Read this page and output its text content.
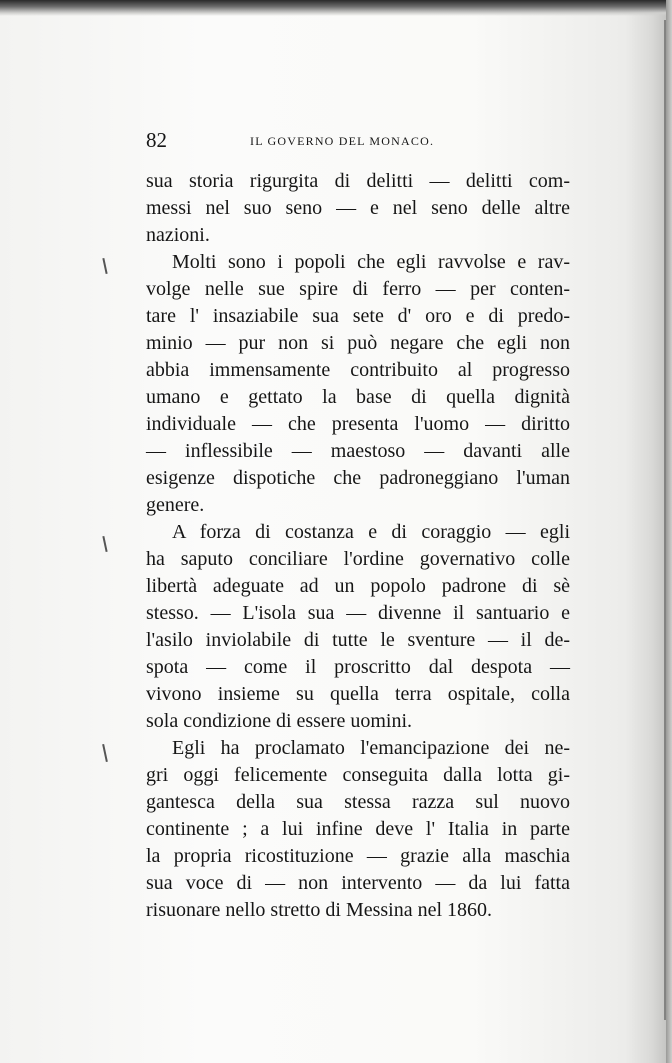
82	IL GOVERNO DEL MONACO.
sua storia rigurgita di delitti — delitti com-
messi nel suo seno — e nel seno delle altre
nazioni.
Molti sono i popoli che egli ravvolse e rav-
volge nelle sue spire di ferro — per conten-
tare l' insaziabile sua sete d' oro e di predo-
minio — pur non si può negare che egli non
abbia immensamente contribuito al progresso
umano e gettato la base di quella dignità
individuale — che presenta l'uomo — diritto
— inflessibile — maestoso — davanti alle
esigenze dispotiche che padroneggiano l'uman
genere.
A forza di costanza e di coraggio — egli
ha saputo conciliare l'ordine governativo colle
libertà adeguate ad un popolo padrone di sè
stesso. — L'isola sua — divenne il santuario e
l'asilo inviolabile di tutte le sventure — il de-
spota — come il proscritto dal despota —
vivono insieme su quella terra ospitale, colla
sola condizione di essere uomini.
Egli ha proclamato l'emancipazione dei ne-
gri oggi felicemente conseguita dalla lotta gi-
gantesca della sua stessa razza sul nuovo
continente ; a lui infine deve l' Italia in parte
la propria ricostituzione — grazie alla maschia
sua voce di — non intervento — da lui fatta
risuonare nello stretto di Messina nel 1860.
